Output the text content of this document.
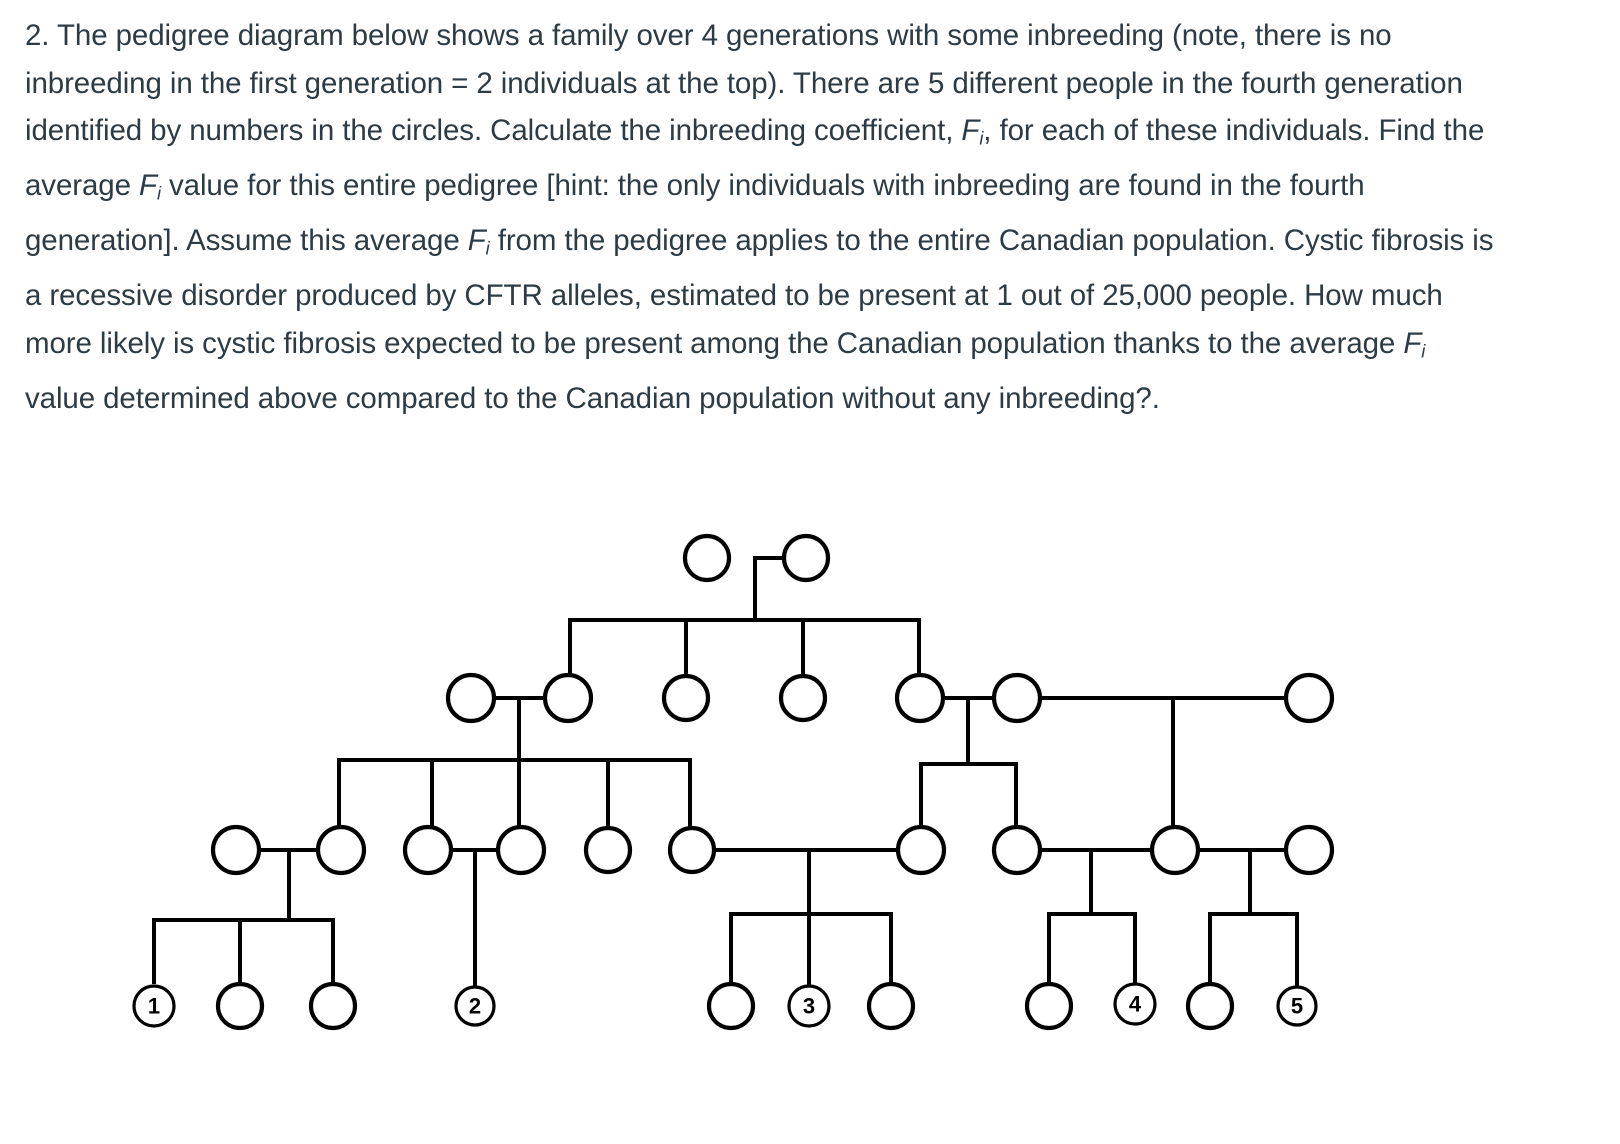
2. The pedigree diagram below shows a family over 4 generations with some inbreeding (note, there is no

inbreeding in the first generation = 2 individuals at the top). There are 5 different people in the fourth generation

identified by numbers in the circles. Calculate the inbreeding coefficient, $F_i$, for each of these individuals. Find the

average $F_i$ value for this entire pedigree [hint: the only individuals with inbreeding are found in the fourth

generation]. Assume this average $F_i$ from the pedigree applies to the entire Canadian population. Cystic fibrosis is

a recessive disorder produced by CFTR alleles, estimated to be present at 1 out of 25,000 people. How much

more likely is cystic fibrosis expected to be present among the Canadian population thanks to the average $F_i$

value determined above compared to the Canadian population without any inbreeding?.

1	2	3	4	5
